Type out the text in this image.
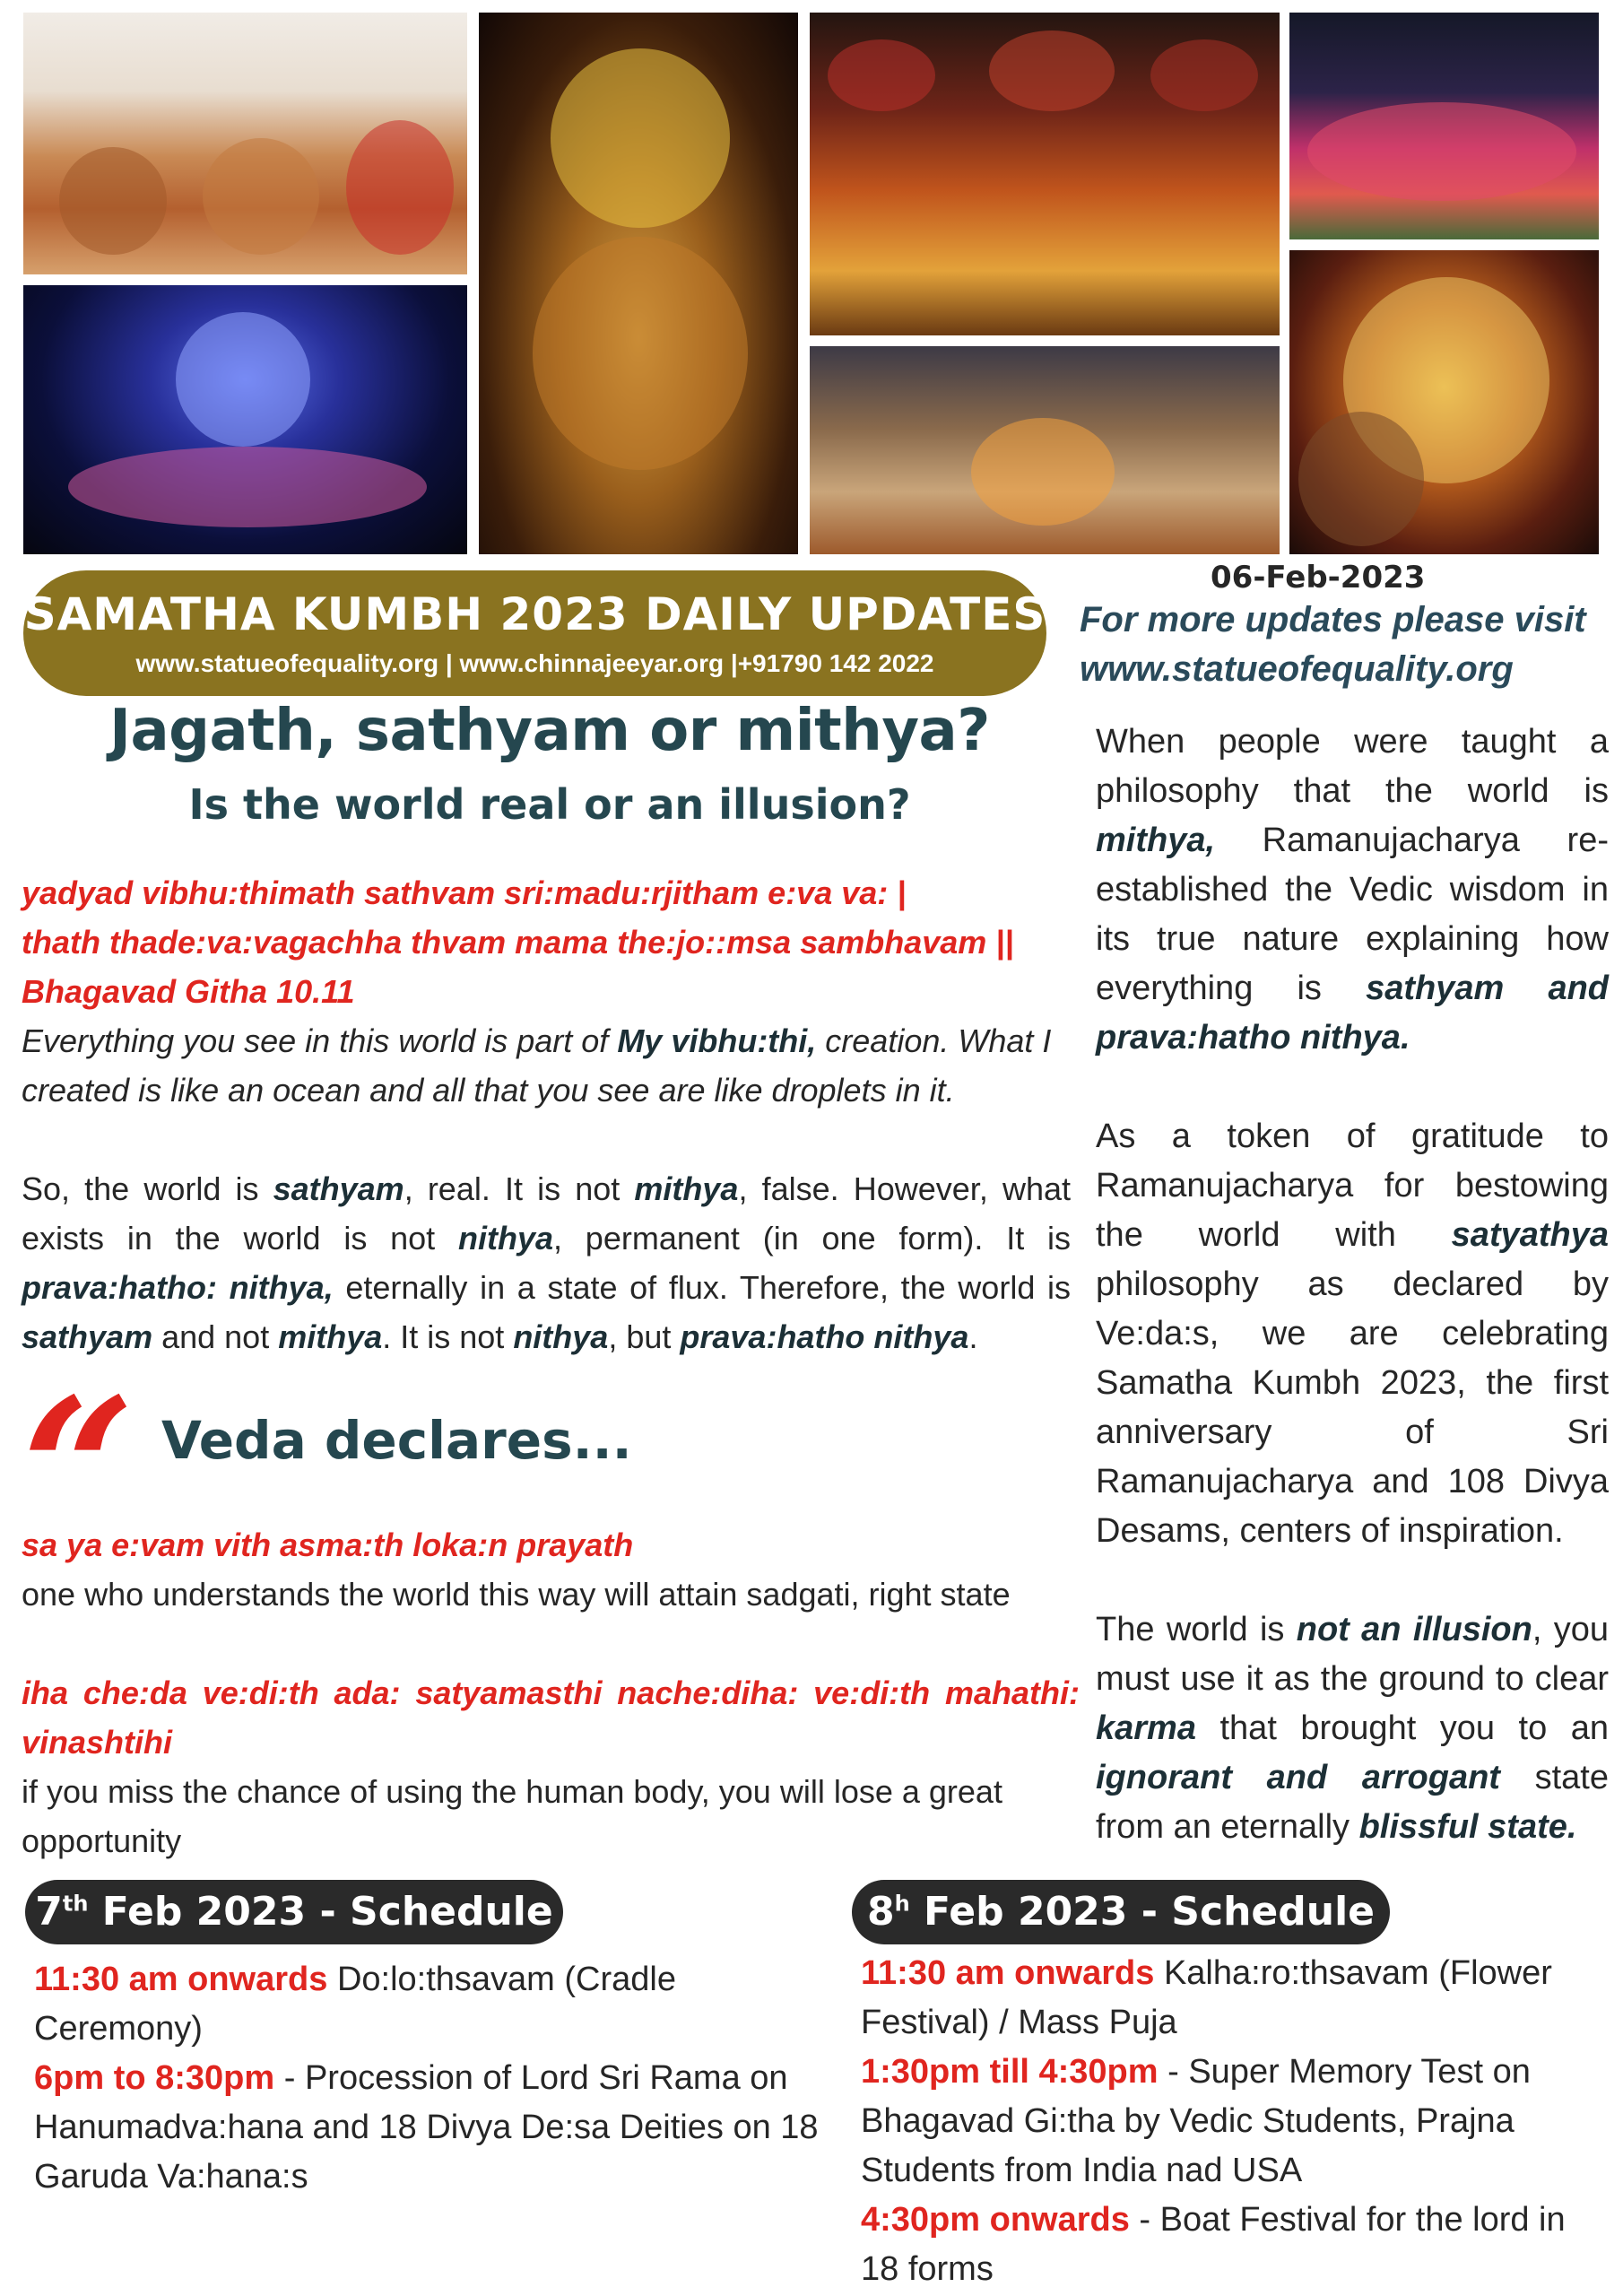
SAMATHA KUMBH 2023 DAILY UPDATES
www.statueofequality.org | www.chinnajeeyar.org |+91790 142 2022
06-Feb-2023
For more updates please visit
www.statueofequality.org
Jagath, sathyam or mithya?
Is the world real or an illusion?
yadyad vibhu:thimath sathvam sri:madu:rjitham e:va va: |
thath thade:va:vagachha thvam mama the:jo::msa sambhavam ||
Bhagavad Githa 10.11
Everything you see in this world is part of My vibhu:thi, creation. What I created is like an ocean and all that you see are like droplets in it.
So, the world is sathyam, real. It is not mithya, false. However, what exists in the world is not nithya, permanent (in one form). It is prava:hatho: nithya, eternally in a state of flux. Therefore, the world is sathyam and not mithya. It is not nithya, but prava:hatho nithya.
“ Veda declares...
sa ya e:vam vith asma:th loka:n prayath
one who understands the world this way will attain sadgati, right state
iha che:da ve:di:th ada: satyamasthi nache:diha: ve:di:th mahathi: vinashtihi
if you miss the chance of using the human body, you will lose a great opportunity
When people were taught a philosophy that the world is mithya, Ramanujacharya re-established the Vedic wisdom in its true nature explaining how everything is sathyam and prava:hatho nithya.
As a token of gratitude to Ramanujacharya for bestowing the world with satyathya philosophy as declared by Ve:da:s, we are celebrating Samatha Kumbh 2023, the first anniversary of Sri Ramanujacharya and 108 Divya Desams, centers of inspiration.
The world is not an illusion, you must use it as the ground to clear karma that brought you to an ignorant and arrogant state from an eternally blissful state.
7th Feb 2023 - Schedule
11:30 am onwards Do:lo:thsavam (Cradle Ceremony)
6pm to 8:30pm - Procession of Lord Sri Rama on Hanumadva:hana and 18 Divya De:sa Deities on 18 Garuda Va:hana:s
8$^h$ Feb 2023 - Schedule
11:30 am onwards Kalha:ro:thsavam (Flower Festival) / Mass Puja
1:30pm till 4:30pm - Super Memory Test on Bhagavad Gi:tha by Vedic Students, Prajna Students from India nad USA
4:30pm onwards - Boat Festival for the lord in 18 forms
